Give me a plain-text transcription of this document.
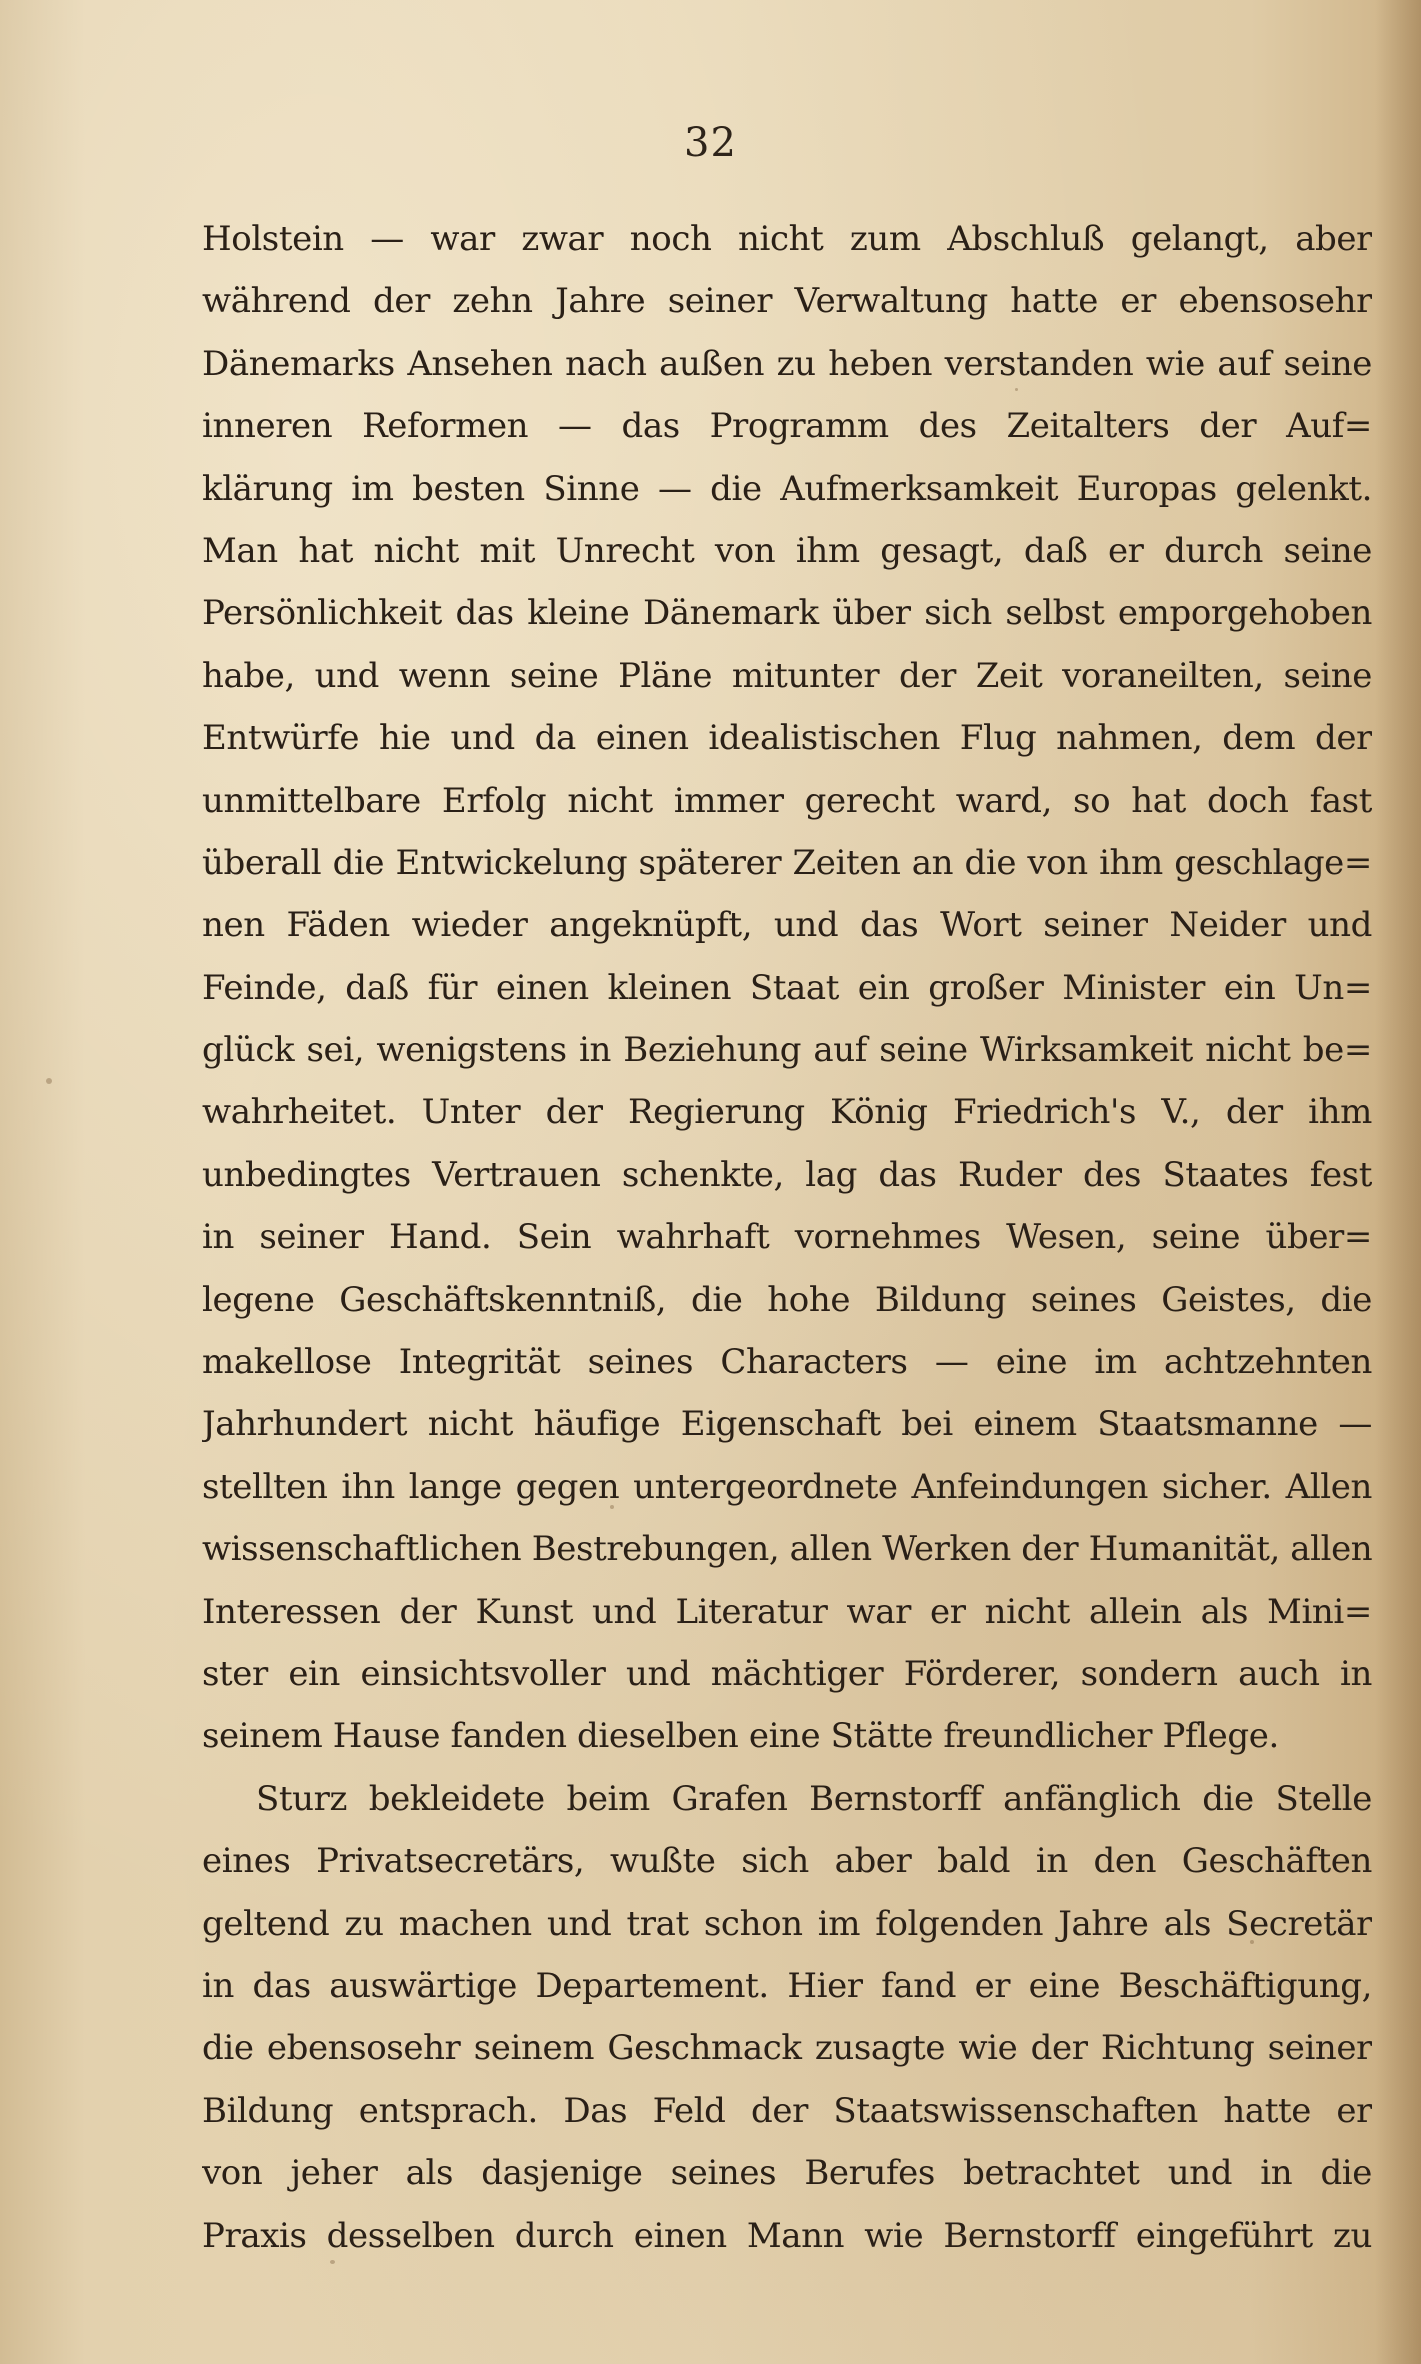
32
Holstein — war zwar noch nicht zum Abschluß gelangt, aber
während der zehn Jahre seiner Verwaltung hatte er ebensosehr
Dänemarks Ansehen nach außen zu heben verstanden wie auf seine
inneren Reformen — das Programm des Zeitalters der Auf=
klärung im besten Sinne — die Aufmerksamkeit Europas gelenkt.
Man hat nicht mit Unrecht von ihm gesagt, daß er durch seine
Persönlichkeit das kleine Dänemark über sich selbst emporgehoben
habe, und wenn seine Pläne mitunter der Zeit voraneilten, seine
Entwürfe hie und da einen idealistischen Flug nahmen, dem der
unmittelbare Erfolg nicht immer gerecht ward, so hat doch fast
überall die Entwickelung späterer Zeiten an die von ihm geschlage=
nen Fäden wieder angeknüpft, und das Wort seiner Neider und
Feinde, daß für einen kleinen Staat ein großer Minister ein Un=
glück sei, wenigstens in Beziehung auf seine Wirksamkeit nicht be=
wahrheitet. Unter der Regierung König Friedrich's V., der ihm
unbedingtes Vertrauen schenkte, lag das Ruder des Staates fest
in seiner Hand. Sein wahrhaft vornehmes Wesen, seine über=
legene Geschäftskenntniß, die hohe Bildung seines Geistes, die
makellose Integrität seines Characters — eine im achtzehnten
Jahrhundert nicht häufige Eigenschaft bei einem Staatsmanne —
stellten ihn lange gegen untergeordnete Anfeindungen sicher. Allen
wissenschaftlichen Bestrebungen, allen Werken der Humanität, allen
Interessen der Kunst und Literatur war er nicht allein als Mini=
ster ein einsichtsvoller und mächtiger Förderer, sondern auch in
seinem Hause fanden dieselben eine Stätte freundlicher Pflege.
Sturz bekleidete beim Grafen Bernstorff anfänglich die Stelle
eines Privatsecretärs, wußte sich aber bald in den Geschäften
geltend zu machen und trat schon im folgenden Jahre als Secretär
in das auswärtige Departement. Hier fand er eine Beschäftigung,
die ebensosehr seinem Geschmack zusagte wie der Richtung seiner
Bildung entsprach. Das Feld der Staatswissenschaften hatte er
von jeher als dasjenige seines Berufes betrachtet und in die
Praxis desselben durch einen Mann wie Bernstorff eingeführt zu
